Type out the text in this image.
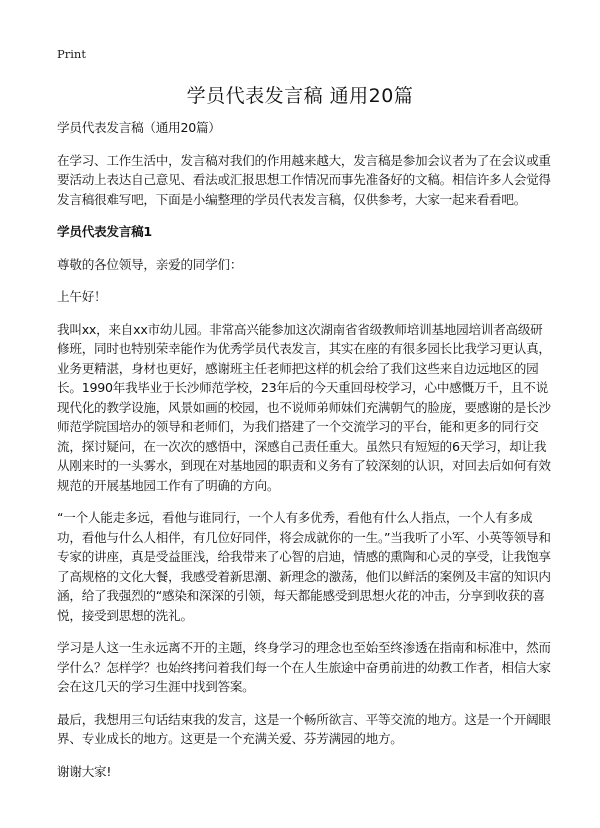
Print
学员代表发言稿 通用20篇

学员代表发言稿（通用20篇）

在学习、工作生活中，发言稿对我们的作用越来越大，发言稿是参加会议者为了在会议或重要活动上表达自己意见、看法或汇报思想工作情况而事先准备好的文稿。相信许多人会觉得发言稿很难写吧，下面是小编整理的学员代表发言稿，仅供参考，大家一起来看看吧。

学员代表发言稿1

尊敬的各位领导，亲爱的同学们：

上午好！

我叫xx，来自xx市幼儿园。非常高兴能参加这次湖南省省级教师培训基地园培训者高级研修班，同时也特别荣幸能作为优秀学员代表发言，其实在座的有很多园长比我学习更认真，业务更精湛，身材也更好，感谢班主任老师把这样的机会给了我们这些来自边远地区的园长。1990年我毕业于长沙师范学校，23年后的今天重回母校学习，心中感慨万千，且不说现代化的教学设施，风景如画的校园，也不说师弟师妹们充满朝气的脸庞，要感谢的是长沙师范学院国培办的领导和老师们，为我们搭建了一个交流学习的平台，能和更多的同行交流，探讨疑问，在一次次的感悟中，深感自己责任重大。虽然只有短短的6天学习，却让我从刚来时的一头雾水，到现在对基地园的职责和义务有了较深刻的认识，对回去后如何有效规范的开展基地园工作有了明确的方向。

“一个人能走多远，看他与谁同行，一个人有多优秀，看他有什么人指点，一个人有多成功，看他与什么人相伴，有几位好同伴，将会成就你的一生。”当我听了小军、小英等领导和专家的讲座，真是受益匪浅，给我带来了心智的启迪，情感的熏陶和心灵的享受，让我饱享了高规格的文化大餐，我感受着新思潮、新理念的激荡，他们以鲜活的案例及丰富的知识内涵，给了我强烈的“感染和深深的引领，每天都能感受到思想火花的冲击，分享到收获的喜悦，接受到思想的洗礼。

学习是人这一生永远离不开的主题，终身学习的理念也至始至终渗透在指南和标准中，然而学什么？怎样学？也始终拷问着我们每一个在人生旅途中奋勇前进的幼教工作者，相信大家会在这几天的学习生涯中找到答案。

最后，我想用三句话结束我的发言，这是一个畅所欲言、平等交流的地方。这是一个开阔眼界、专业成长的地方。这更是一个充满关爱、芬芳满园的地方。

谢谢大家!
